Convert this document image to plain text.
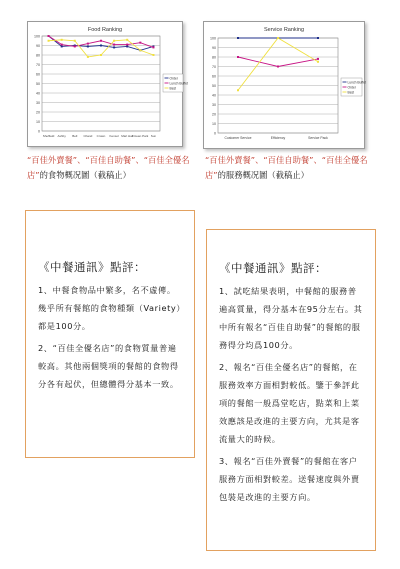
Food Ranking
0
10
20
30
40
50
60
70
80
90
100
Sheffield Ashby Bell Chand Crown Kensol Mart Hall Ocean Park Sun
Order
Lunch Buffet
Best
Service Ranking
0
10
20
30
40
50
60
70
80
90
100
Customer Service	Efficiency	Service Pack
Lunch Buffet
Order
Best

“百佳外賣餐”、“百佳自助餐”、“百佳全優名店”的食物概况圖（截稿止）

“百佳外賣餐”、“百佳自助餐”、“百佳全優名店”的服務概况圖（截稿止）

《中餐通訊》點評：

1、中餐食物品中繁多，名不虛傳。幾乎所有餐館的食物種類（Variety）都是100分。

2、“百佳全優名店”的食物質量普遍較高。其他兩個獎項的餐館的食物得分各有起伏，但總體得分基本一致。

《中餐通訊》點評：

1、試吃結果表明，中餐館的服務普遍高質量，得分基本在95分左右。其中所有報名“百佳自助餐”的餐館的服務得分均爲100分。

2、報名“百佳全優名店”的餐館，在服務效率方面相對較低。鑒于參評此項的餐館一般爲堂吃店，點菜和上菜效應該是改進的主要方向，尤其是客流量大的時候。

3、報名“百佳外賣餐”的餐館在客户服務方面相對較差。送餐速度與外賣包裝是改進的主要方向。
